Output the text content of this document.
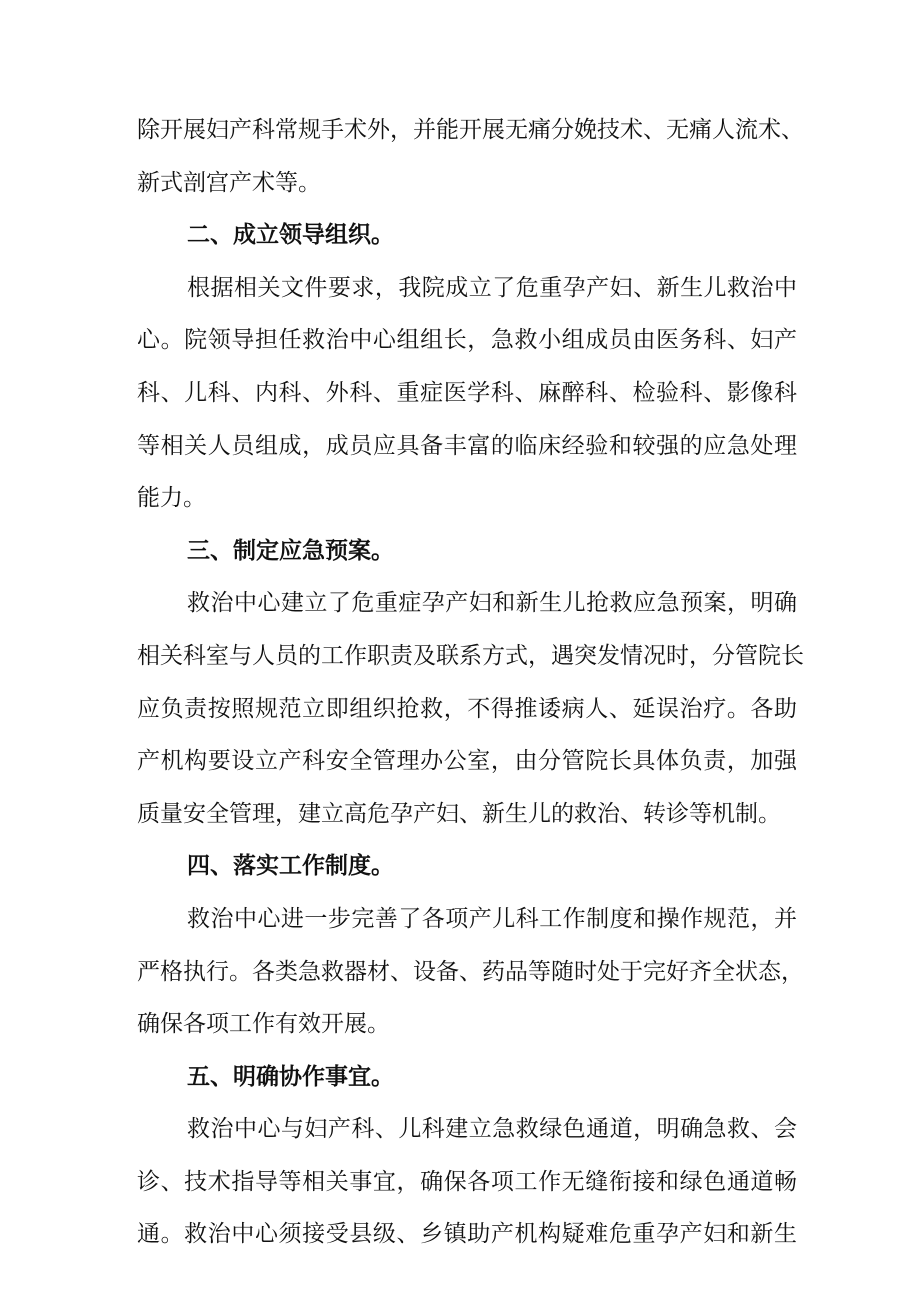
除开展妇产科常规手术外，并能开展无痛分娩技术、无痛人流术、
新式剖宫产术等。
二、成立领导组织。
根据相关文件要求，我院成立了危重孕产妇、新生儿救治中
心。院领导担任救治中心组组长，急救小组成员由医务科、妇产
科、儿科、内科、外科、重症医学科、麻醉科、检验科、影像科
等相关人员组成，成员应具备丰富的临床经验和较强的应急处理
能力。
三、制定应急预案。
救治中心建立了危重症孕产妇和新生儿抢救应急预案，明确
相关科室与人员的工作职责及联系方式，遇突发情况时，分管院长
应负责按照规范立即组织抢救，不得推诿病人、延误治疗。各助
产机构要设立产科安全管理办公室，由分管院长具体负责，加强
质量安全管理，建立高危孕产妇、新生儿的救治、转诊等机制。
四、落实工作制度。
救治中心进一步完善了各项产儿科工作制度和操作规范，并
严格执行。各类急救器材、设备、药品等随时处于完好齐全状态，
确保各项工作有效开展。
五、明确协作事宜。
救治中心与妇产科、儿科建立急救绿色通道，明确急救、会
诊、技术指导等相关事宜，确保各项工作无缝衔接和绿色通道畅
通。救治中心须接受县级、乡镇助产机构疑难危重孕产妇和新生
